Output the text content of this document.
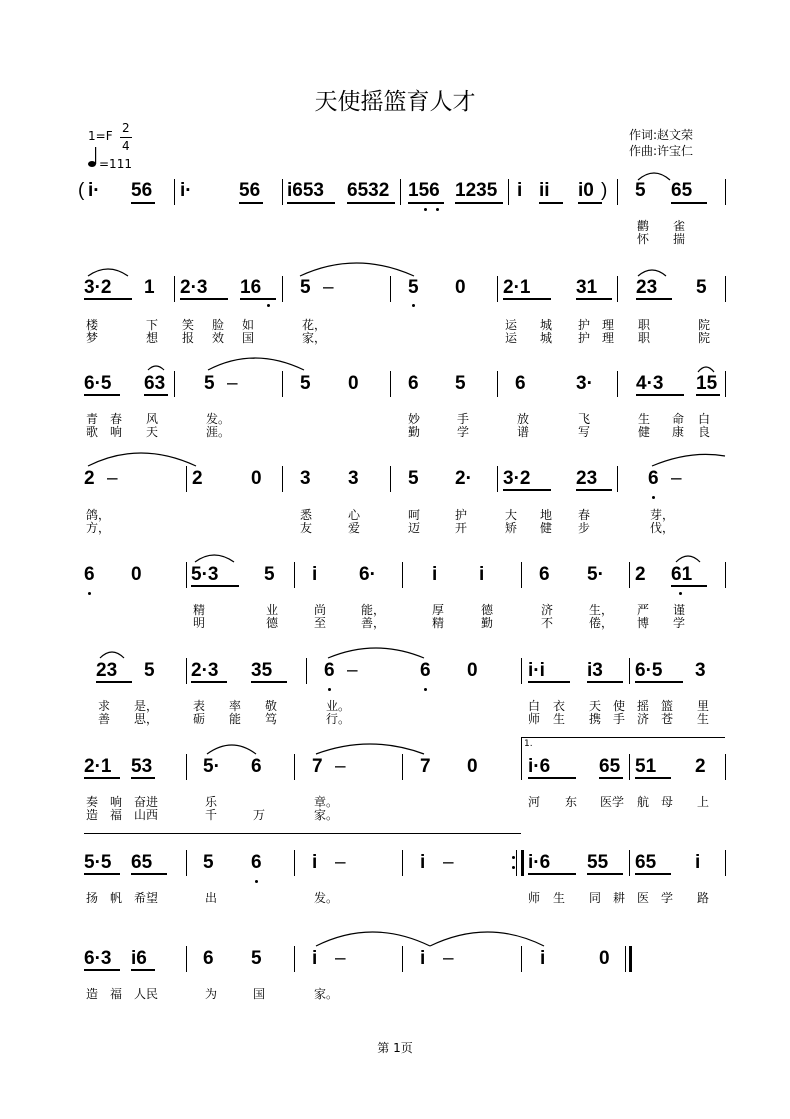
天使摇篮育人才
1=F
2
4
=111
作词:赵文荣
作曲:许宝仁
( i· 56 i· 56 i653 6532 156 1235 i ii i0 ) 5 65
鹳 雀
怀 揣
3·2 1 2·3 16 5 –	5 0 2·1 31 23 5
楼	下 笑 脸 如	花，	运 城 护 理 职	院
梦	想 报 效 国	家，	运 城 护 理 职	院
6·5 63 5 –	5 0	6 5	6	3· 4·3 15
青 春 风	发。	妙	手	放	飞	生 命 白
歌 响 天	涯。	勤	学	谱	写	健 康 良
2 –	2	0 3 3	5 2· 3·2 23	6 –
鸽，	悉	心	呵	护	大 地 春	芽，
方，	友	爱	迈	开	矫 健 步	伐，
6 0	5·3 5 i 6·	i i	6 5· 2 61
精	业	尚	能，	厚	德	济	生， 严 谨
明	德	至	善，	精	勤	不	倦， 博 学
23 5 2·3 35	6 –	6 0	i·i i3 6·5 3
求 是，	表 率 敬	业。	白 衣 天 使 摇 篮 里
善 思，	砺 能 笃	行。	师 生 携 手 济 苍 生
2·1 53	5· 6	7 –	7 0	i·6	65 51 2
1.
奏 响 奋进	乐	章。	河 东 医学 航 母 上
造 福 山西	千	万	家。
5·5 65	5 6	i –	i –	i·6 55 65 i
扬 帆 希望	出	发。	师 生 同 耕 医 学 路
6·3 i6	6 5	i –	i –	i	0
造 福 人民	为	国	家。
第 1页
